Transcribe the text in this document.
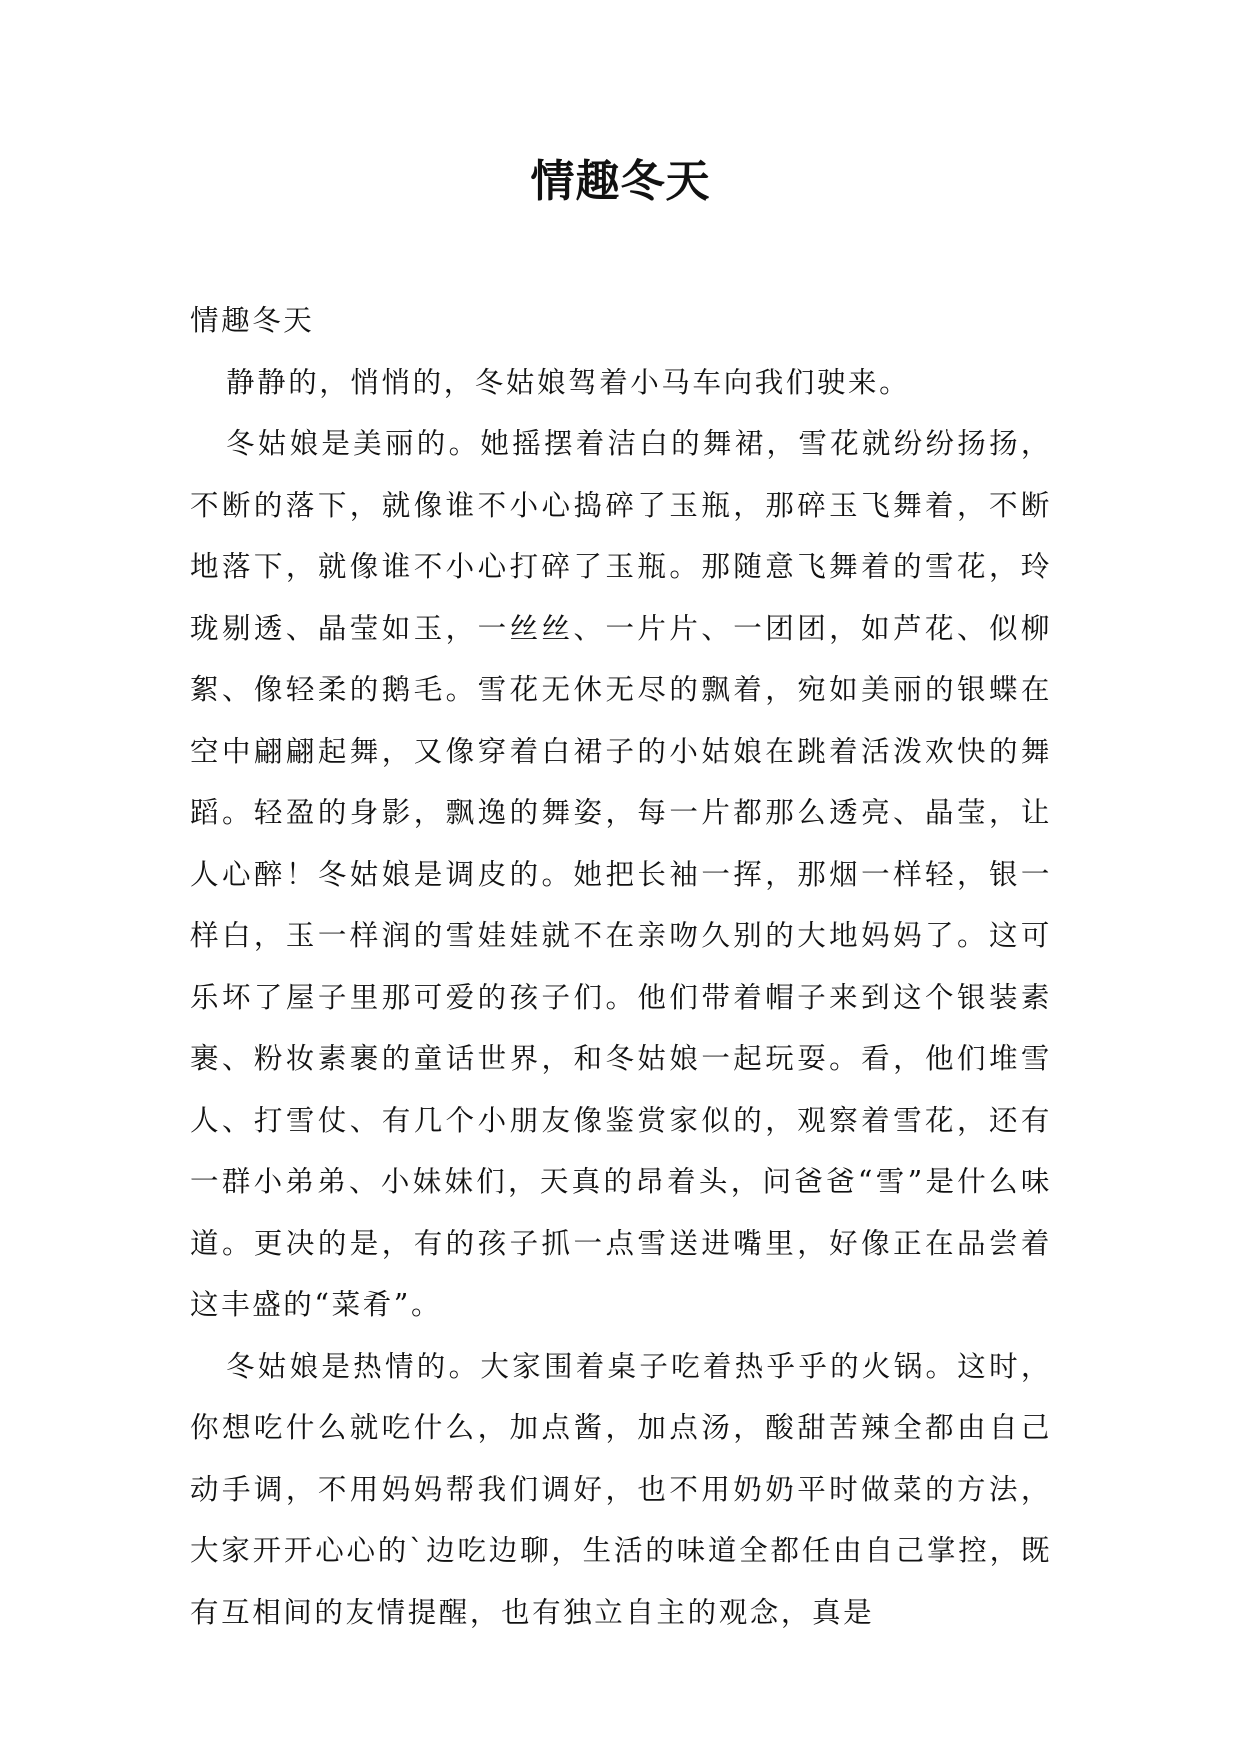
情趣冬天

情趣冬天

静静的，悄悄的，冬姑娘驾着小马车向我们驶来。

冬姑娘是美丽的。她摇摆着洁白的舞裙，雪花就纷纷扬扬，不断的落下，就像谁不小心捣碎了玉瓶，那碎玉飞舞着，不断地落下，就像谁不小心打碎了玉瓶。那随意飞舞着的雪花，玲珑剔透、晶莹如玉，一丝丝、一片片、一团团，如芦花、似柳絮、像轻柔的鹅毛。雪花无休无尽的飘着，宛如美丽的银蝶在空中翩翩起舞，又像穿着白裙子的小姑娘在跳着活泼欢快的舞蹈。轻盈的身影，飘逸的舞姿，每一片都那么透亮、晶莹，让人心醉！冬姑娘是调皮的。她把长袖一挥，那烟一样轻，银一样白，玉一样润的雪娃娃就不在亲吻久别的大地妈妈了。这可乐坏了屋子里那可爱的孩子们。他们带着帽子来到这个银装素裹、粉妆素裹的童话世界，和冬姑娘一起玩耍。看，他们堆雪人、打雪仗、有几个小朋友像鉴赏家似的，观察着雪花，还有一群小弟弟、小妹妹们，天真的昂着头，问爸爸“雪”是什么味道。更决的是，有的孩子抓一点雪送进嘴里，好像正在品尝着这丰盛的“菜肴”。

冬姑娘是热情的。大家围着桌子吃着热乎乎的火锅。这时，你想吃什么就吃什么，加点酱，加点汤，酸甜苦辣全都由自己动手调，不用妈妈帮我们调好，也不用奶奶平时做菜的方法，大家开开心心的`边吃边聊，生活的味道全都任由自己掌控，既有互相间的友情提醒，也有独立自主的观念，真是
